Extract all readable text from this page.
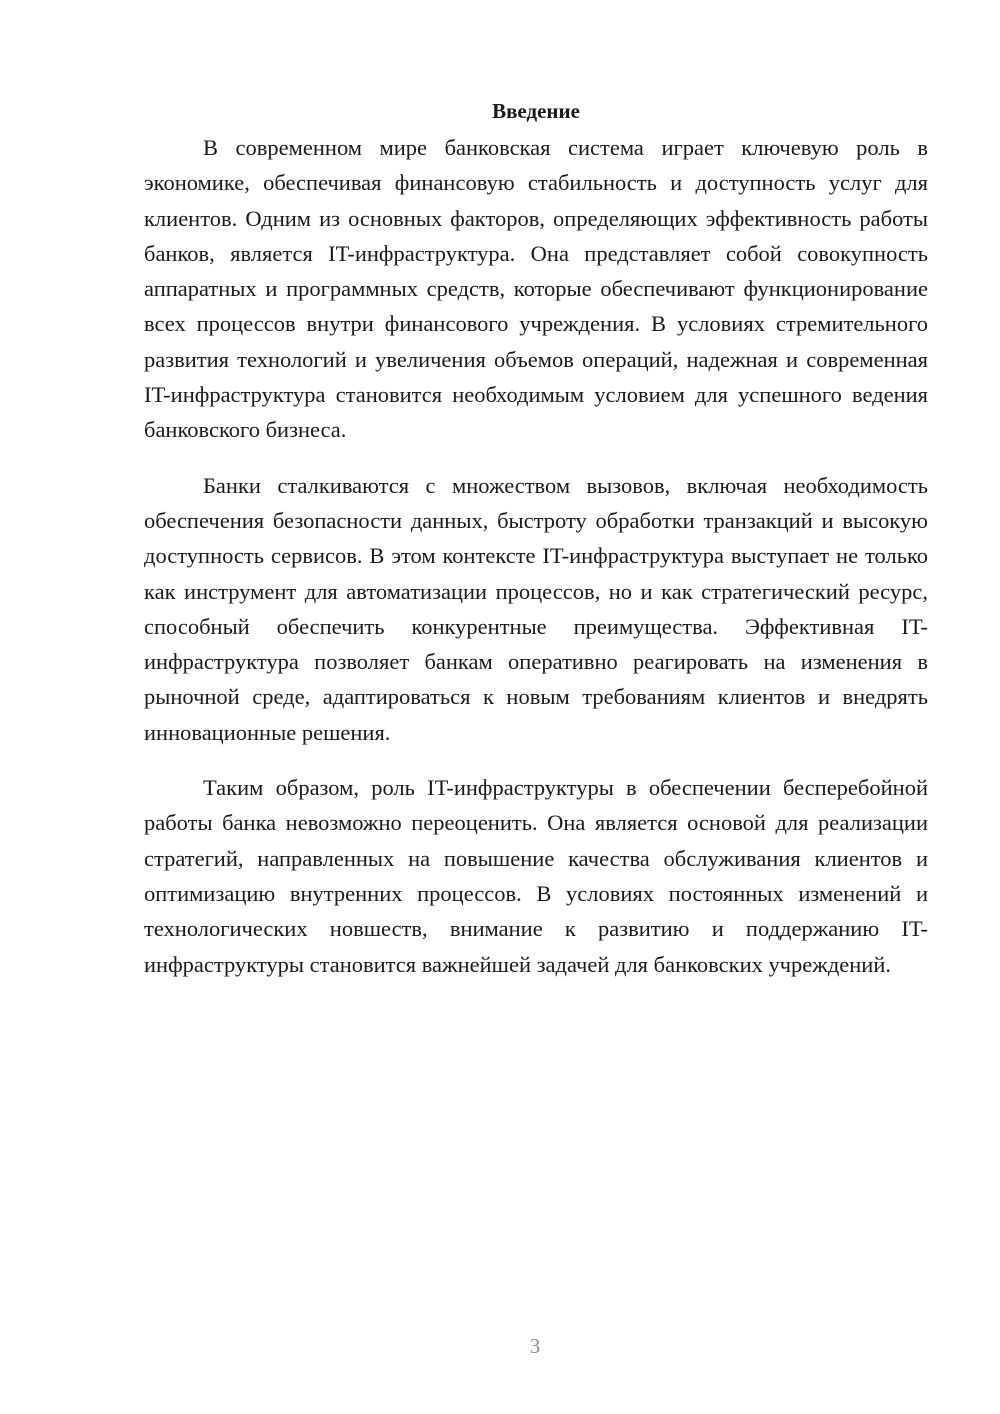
Введение

В современном мире банковская система играет ключевую роль в экономике, обеспечивая финансовую стабильность и доступность услуг для клиентов. Одним из основных факторов, определяющих эффективность работы банков, является IT-инфраструктура. Она представляет собой совокупность аппаратных и программных средств, которые обеспечивают функционирование всех процессов внутри финансового учреждения. В условиях стремительного развития технологий и увеличения объемов операций, надежная и современная IT-инфраструктура становится необходимым условием для успешного ведения банковского бизнеса.

Банки сталкиваются с множеством вызовов, включая необходимость обеспечения безопасности данных, быстроту обработки транзакций и высокую доступность сервисов. В этом контексте IT-инфраструктура выступает не только как инструмент для автоматизации процессов, но и как стратегический ресурс, способный обеспечить конкурентные преимущества. Эффективная IT-инфраструктура позволяет банкам оперативно реагировать на изменения в рыночной среде, адаптироваться к новым требованиям клиентов и внедрять инновационные решения.

Таким образом, роль IT-инфраструктуры в обеспечении бесперебойной работы банка невозможно переоценить. Она является основой для реализации стратегий, направленных на повышение качества обслуживания клиентов и оптимизацию внутренних процессов. В условиях постоянных изменений и технологических новшеств, внимание к развитию и поддержанию IT-инфраструктуры становится важнейшей задачей для банковских учреждений.

3
